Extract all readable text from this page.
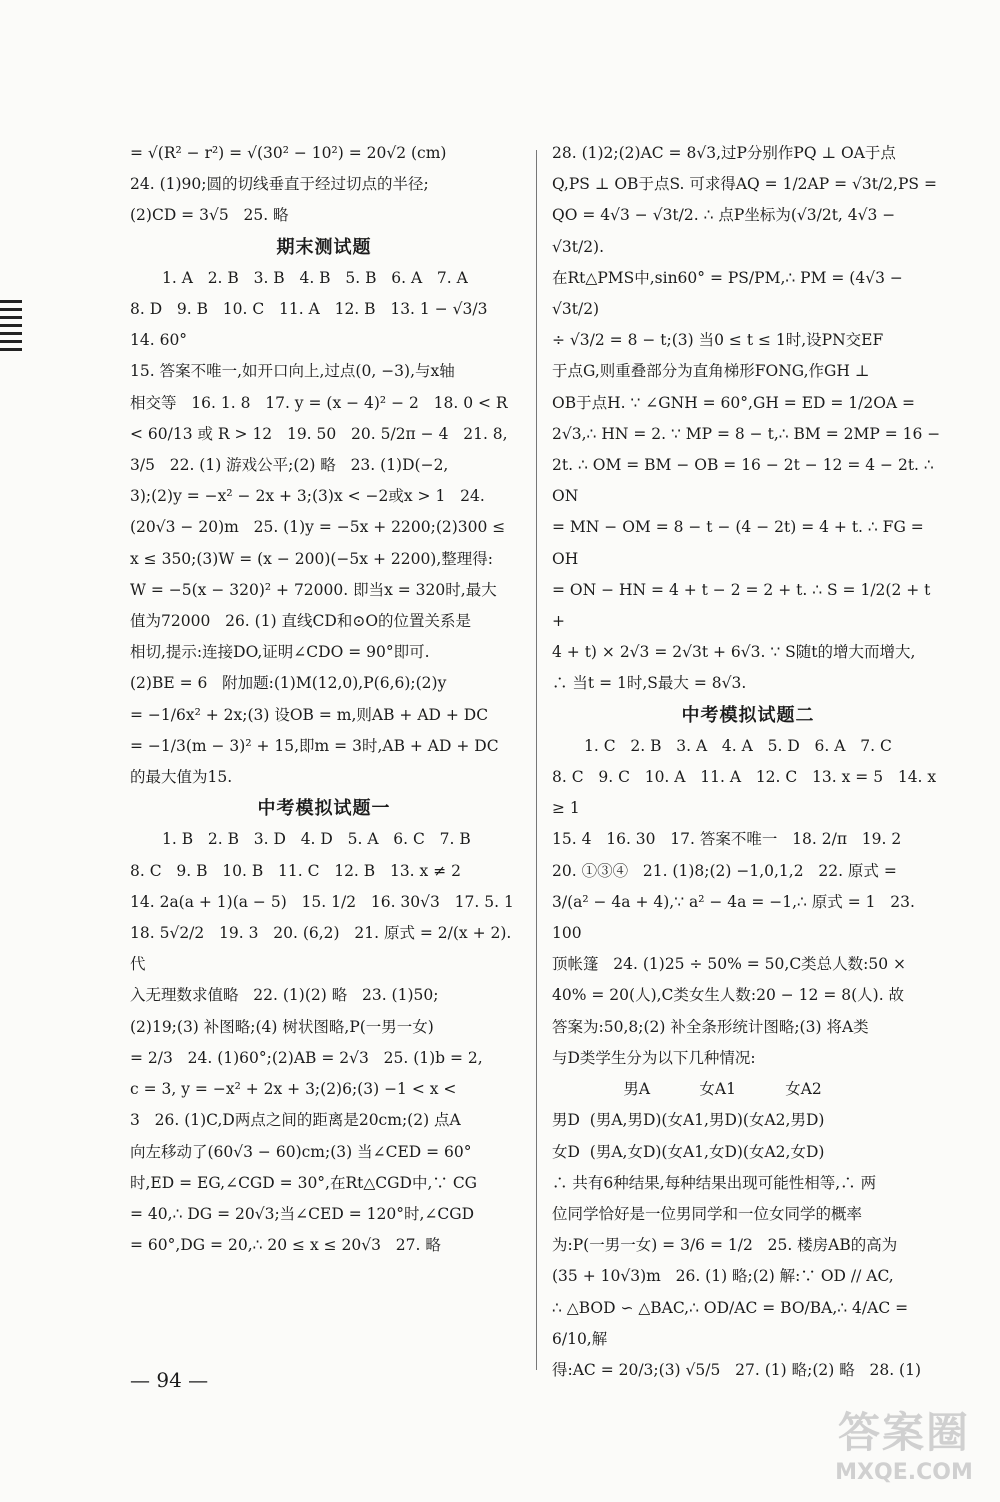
= √(R² − r²) = √(30² − 10²) = 20√2 (cm)

24. (1)90;圆的切线垂直于经过切点的半径;

(2)CD = 3√5   25. 略

期末测试题

1. A   2. B   3. B   4. B   5. B   6. A   7. A

8. D   9. B   10. C   11. A   12. B   13. 1 − √3/3   14. 60°

15. 答案不唯一,如开口向上,过点(0, −3),与x轴

相交等   16. 1. 8   17. y = (x − 4)² − 2   18. 0 < R

< 60/13 或 R > 12   19. 50   20. 5/2π − 4   21. 8,

3/5   22. (1) 游戏公平;(2) 略   23. (1)D(−2,

3);(2)y = −x² − 2x + 3;(3)x < −2或x > 1   24.

(20√3 − 20)m   25. (1)y = −5x + 2200;(2)300 ≤

x ≤ 350;(3)W = (x − 200)(−5x + 2200),整理得:

W = −5(x − 320)² + 72000. 即当x = 320时,最大

值为72000   26. (1) 直线CD和⊙O的位置关系是

相切,提示:连接DO,证明∠CDO = 90°即可.

(2)BE = 6   附加题:(1)M(12,0),P(6,6);(2)y

= −1/6x² + 2x;(3) 设OB = m,则AB + AD + DC

= −1/3(m − 3)² + 15,即m = 3时,AB + AD + DC

的最大值为15.

中考模拟试题一

1. B   2. B   3. D   4. D   5. A   6. C   7. B

8. C   9. B   10. B   11. C   12. B   13. x ≠ 2

14. 2a(a + 1)(a − 5)   15. 1/2   16. 30√3   17. 5. 1

18. 5√2/2   19. 3   20. (6,2)   21. 原式 = 2/(x + 2). 代

入无理数求值略   22. (1)(2) 略   23. (1)50;

(2)19;(3) 补图略;(4) 树状图略,P(一男一女)

= 2/3   24. (1)60°;(2)AB = 2√3   25. (1)b = 2,

c = 3, y = −x² + 2x + 3;(2)6;(3) −1 < x <

3   26. (1)C,D两点之间的距离是20cm;(2) 点A

向左移动了(60√3 − 60)cm;(3) 当∠CED = 60°

时,ED = EG,∠CGD = 30°,在Rt△CGD中,∵ CG

= 40,∴ DG = 20√3;当∠CED = 120°时,∠CGD

= 60°,DG = 20,∴ 20 ≤ x ≤ 20√3   27. 略

28. (1)2;(2)AC = 8√3,过P分别作PQ ⊥ OA于点

Q,PS ⊥ OB于点S. 可求得AQ = 1/2AP = √3t/2,PS =

QO = 4√3 − √3t/2. ∴ 点P坐标为(√3/2t, 4√3 − √3t/2).

在Rt△PMS中,sin60° = PS/PM,∴ PM = (4√3 − √3t/2)

÷ √3/2 = 8 − t;(3) 当0 ≤ t ≤ 1时,设PN交EF

于点G,则重叠部分为直角梯形FONG,作GH ⊥

OB于点H. ∵ ∠GNH = 60°,GH = ED = 1/2OA =

2√3,∴ HN = 2. ∵ MP = 8 − t,∴ BM = 2MP = 16 −

2t. ∴ OM = BM − OB = 16 − 2t − 12 = 4 − 2t. ∴ ON

= MN − OM = 8 − t − (4 − 2t) = 4 + t. ∴ FG = OH

= ON − HN = 4 + t − 2 = 2 + t. ∴ S = 1/2(2 + t +

4 + t) × 2√3 = 2√3t + 6√3. ∵ S随t的增大而增大,

∴ 当t = 1时,S最大 = 8√3.

中考模拟试题二

1. C   2. B   3. A   4. A   5. D   6. A   7. C

8. C   9. C   10. A   11. A   12. C   13. x = 5   14. x ≥ 1

15. 4   16. 30   17. 答案不唯一   18. 2/π   19. 2

20. ①③④   21. (1)8;(2) −1,0,1,2   22. 原式 =

3/(a² − 4a + 4),∵ a² − 4a = −1,∴ 原式 = 1   23. 100

顶帐篷   24. (1)25 ÷ 50% = 50,C类总人数:50 ×

40% = 20(人),C类女生人数:20 − 12 = 8(人). 故

答案为:50,8;(2) 补全条形统计图略;(3) 将A类

与D类学生分为以下几种情况:

男A          女A1          女A2

男D  (男A,男D)(女A1,男D)(女A2,男D)

女D  (男A,女D)(女A1,女D)(女A2,女D)

∴ 共有6种结果,每种结果出现可能性相等,∴ 两

位同学恰好是一位男同学和一位女同学的概率

为:P(一男一女) = 3/6 = 1/2   25. 楼房AB的高为

(35 + 10√3)m   26. (1) 略;(2) 解:∵ OD // AC,

∴ △BOD ∽ △BAC,∴ OD/AC = BO/BA,∴ 4/AC = 6/10,解

得:AC = 20/3;(3) √5/5   27. (1) 略;(2) 略   28. (1)

— 94 —
答案圈
MXQE.COM
